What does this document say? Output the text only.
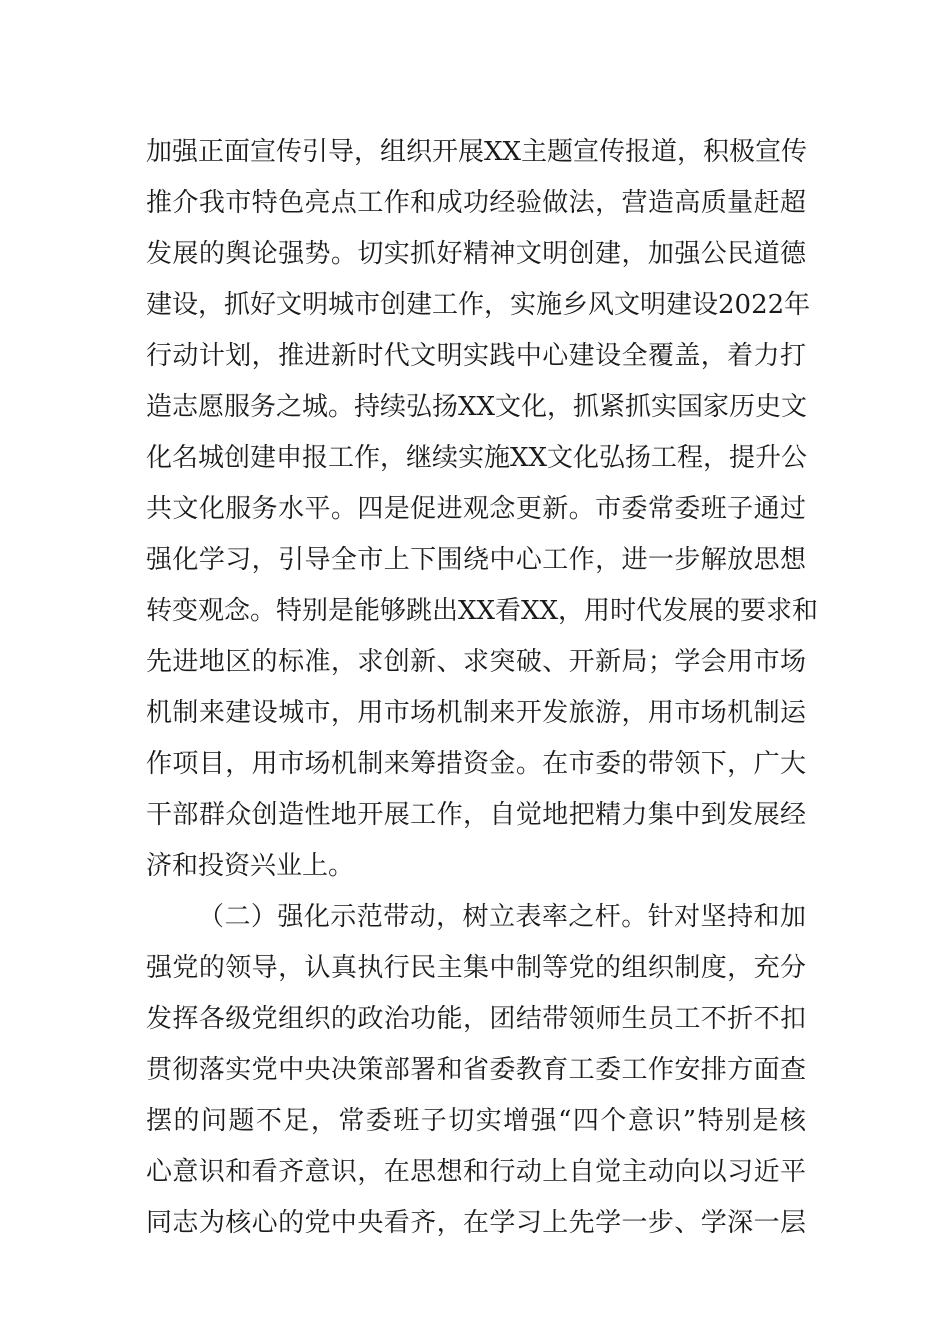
加强正面宣传引导，组织开展XX主题宣传报道，积极宣传
推介我市特色亮点工作和成功经验做法，营造高质量赶超
发展的舆论强势。切实抓好精神文明创建，加强公民道德
建设，抓好文明城市创建工作，实施乡风文明建设2022年
行动计划，推进新时代文明实践中心建设全覆盖，着力打
造志愿服务之城。持续弘扬XX文化，抓紧抓实国家历史文
化名城创建申报工作，继续实施XX文化弘扬工程，提升公
共文化服务水平。四是促进观念更新。市委常委班子通过
强化学习，引导全市上下围绕中心工作，进一步解放思想
转变观念。特别是能够跳出XX看XX，用时代发展的要求和
先进地区的标准，求创新、求突破、开新局；学会用市场
机制来建设城市，用市场机制来开发旅游，用市场机制运
作项目，用市场机制来筹措资金。在市委的带领下，广大
干部群众创造性地开展工作，自觉地把精力集中到发展经
济和投资兴业上。
（二）强化示范带动，树立表率之杆。针对坚持和加
强党的领导，认真执行民主集中制等党的组织制度，充分
发挥各级党组织的政治功能，团结带领师生员工不折不扣
贯彻落实党中央决策部署和省委教育工委工作安排方面查
摆的问题不足，常委班子切实增强“四个意识”特别是核
心意识和看齐意识，在思想和行动上自觉主动向以习近平
同志为核心的党中央看齐，在学习上先学一步、学深一层
